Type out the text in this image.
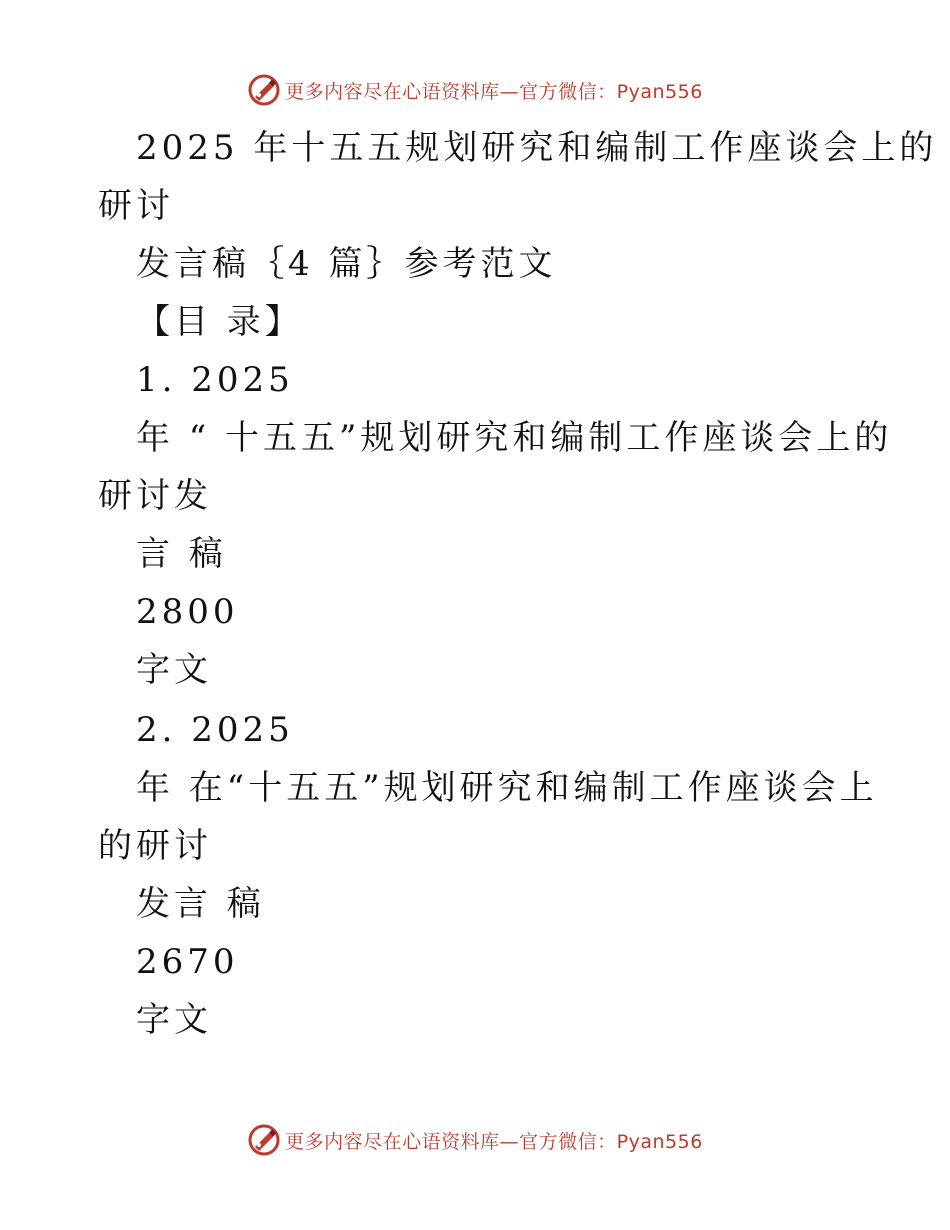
更多内容尽在心语资料库—官方微信：Pyan556
2025 年十五五规划研究和编制工作座谈会上的
研讨
发言稿｛4 篇｝参考范文
【目 录】
1. 2025
年 “ 十五五”规划研究和编制工作座谈会上的
研讨发
言 稿
2800
字文
2. 2025
年 在“十五五”规划研究和编制工作座谈会上
的研讨
发言 稿
2670
字文
更多内容尽在心语资料库—官方微信：Pyan556
